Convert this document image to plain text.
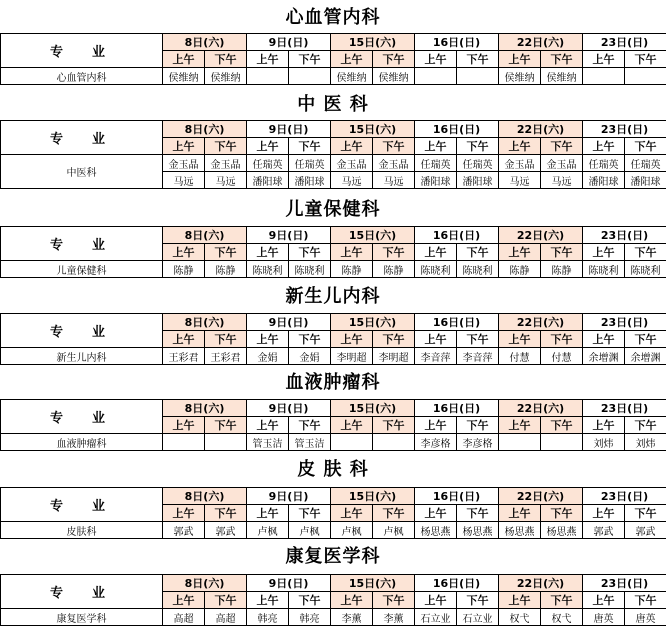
心血管内科
专　业	8日(六)		9日(日)		15日(六)		16日(日)		22日(六)		23日(日)	
	上午	下午	上午	下午	上午	下午	上午	下午	上午	下午	上午	下午
心血管内科	侯维纳	侯维纳			侯维纳	侯维纳			侯维纳	侯维纳		
中 医 科
专　业	8日(六)		9日(日)		15日(六)		16日(日)		22日(六)		23日(日)	
	上午	下午	上午	下午	上午	下午	上午	下午	上午	下午	上午	下午
中医科	金玉晶	金玉晶	任瑞英	任瑞英	金玉晶	金玉晶	任瑞英	任瑞英	金玉晶	金玉晶	任瑞英	任瑞英
	马远	马远	潘阳球	潘阳球	马远	马远	潘阳球	潘阳球	马远	马远	潘阳球	潘阳球
儿童保健科
专　业	8日(六)		9日(日)		15日(六)		16日(日)		22日(六)		23日(日)	
	上午	下午	上午	下午	上午	下午	上午	下午	上午	下午	上午	下午
儿童保健科	陈静	陈静	陈晓利	陈晓利	陈静	陈静	陈晓利	陈晓利	陈静	陈静	陈晓利	陈晓利
新生儿内科
专　业	8日(六)		9日(日)		15日(六)		16日(日)		22日(六)		23日(日)	
	上午	下午	上午	下午	上午	下午	上午	下午	上午	下午	上午	下午
新生儿内科	王彩君	王彩君	金娟	金娟	李明超	李明超	李音萍	李音萍	付慧	付慧	余增渊	余增渊
血液肿瘤科
专　业	8日(六)		9日(日)		15日(六)		16日(日)		22日(六)		23日(日)	
	上午	下午	上午	下午	上午	下午	上午	下午	上午	下午	上午	下午
血液肿瘤科			管玉洁	管玉洁			李彦格	李彦格			刘炜	刘炜
皮 肤 科
专　业	8日(六)		9日(日)		15日(六)		16日(日)		22日(六)		23日(日)	
	上午	下午	上午	下午	上午	下午	上午	下午	上午	下午	上午	下午
皮肤科	郭武	郭武	卢枫	卢枫	卢枫	卢枫	杨思燕	杨思燕	杨思燕	杨思燕	郭武	郭武
康复医学科
专　业	8日(六)		9日(日)		15日(六)		16日(日)		22日(六)		23日(日)	
	上午	下午	上午	下午	上午	下午	上午	下午	上午	下午	上午	下午
康复医学科	高超	高超	韩亮	韩亮	李薰	李薰	石立业	石立业	权弋	权弋	唐英	唐英
